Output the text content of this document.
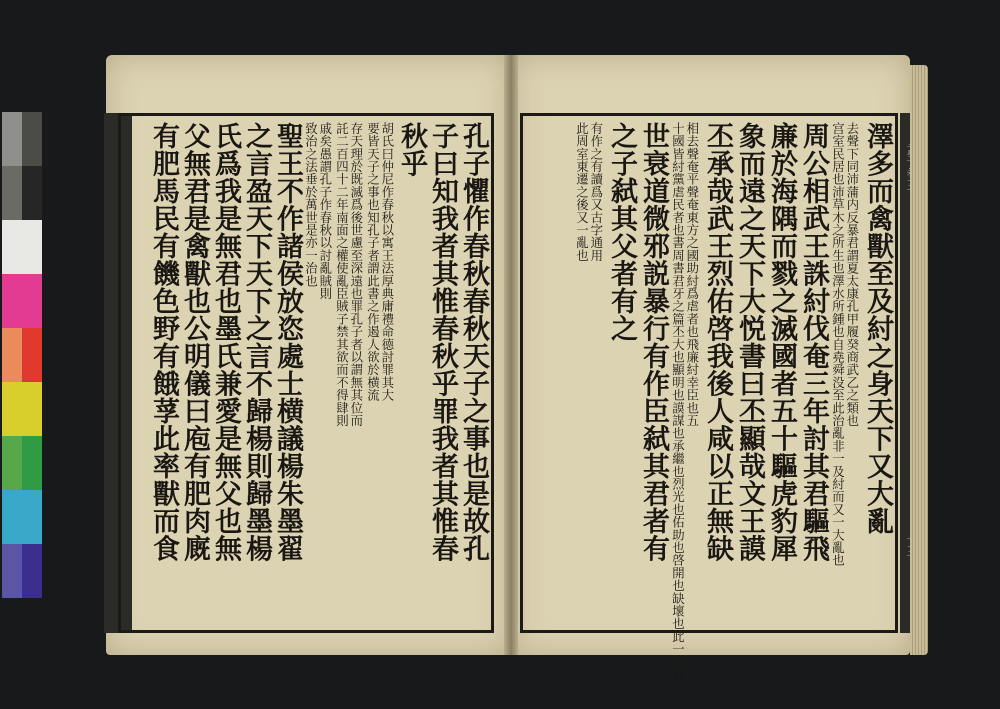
孔子懼作春秋春秋天子之事也是故孔
子曰知我者其惟春秋乎罪我者其惟春
秋乎
胡氏曰仲尼作春秋以寓王法厚典庸禮命德討罪其大
要皆天子之事也知孔子者謂此書之作遏人欲於横流
存天理於既滅爲後世慮至深遠也罪孔子者以謂無其位而
託二百四十二年南面之權使亂臣賊子禁其欲而不得肆則
戚矣愚謂孔子作春秋以討亂賊則
致治之法垂於萬世是亦一治也
聖王不作諸侯放恣處士横議楊朱墨翟
之言盈天下天下之言不歸楊則歸墨楊
氏爲我是無君也墨氏兼愛是無父也無
父無君是禽獸也公明儀曰庖有肥肉廐
有肥馬民有饑色野有餓莩此率獸而食	澤多而禽獸至及紂之身天下又大亂
去聲下同沛蒲内反暴君謂夏太康孔甲履癸商武乙之類也
宫室民居也沛草木之所生也澤水所鍾也自堯舜没至此治亂非一及紂而又一大亂也
周公相武王誅紂伐奄三年討其君驅飛
廉於海隅而戮之滅國者五十驅虎豹犀
象而遠之天下大悦書曰丕顯哉文王謨
丕承哉武王烈佑啓我後人咸以正無缺
相去聲奄平聲奄東方之國助紂爲虐者也飛廉紂幸臣也五
十國皆紂黨虐民者也書周書君牙之篇丕大也顯明也謨謀也承繼也烈光也佑助也啓開也缺壞也此一治也
世衰道微邪説暴行有作臣弑其君者有
之子弑其父者有之
有作之有讀爲又古字通用
此周室東遷之後又一亂也
